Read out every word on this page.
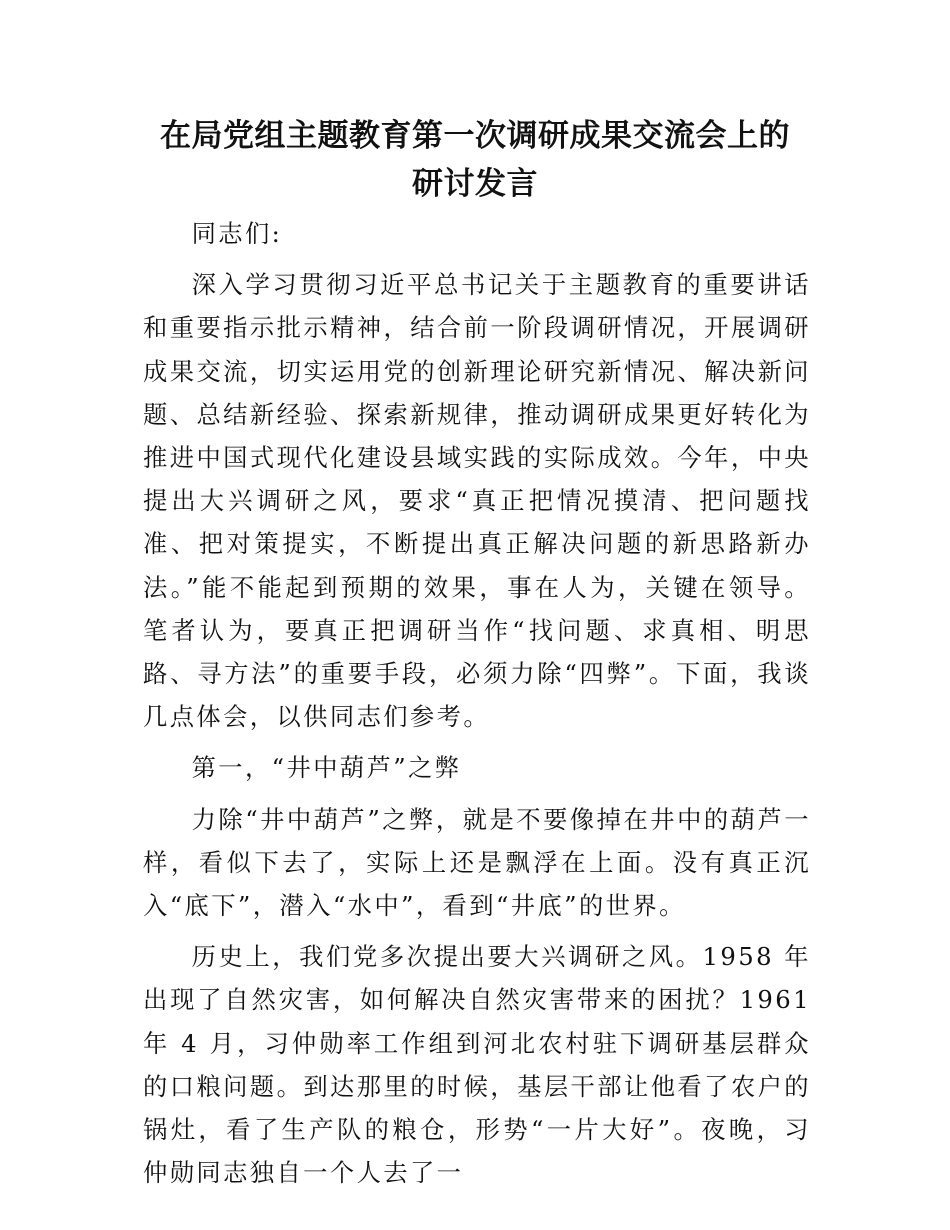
在局党组主题教育第一次调研成果交流会上的
研讨发言

同志们:

深入学习贯彻习近平总书记关于主题教育的重要讲话和重要指示批示精神，结合前一阶段调研情况，开展调研成果交流，切实运用党的创新理论研究新情况、解决新问题、总结新经验、探索新规律，推动调研成果更好转化为推进中国式现代化建设县域实践的实际成效。今年，中央提出大兴调研之风，要求“真正把情况摸清、把问题找准、把对策提实，不断提出真正解决问题的新思路新办法。”能不能起到预期的效果，事在人为，关键在领导。笔者认为，要真正把调研当作“找问题、求真相、明思路、寻方法”的重要手段，必须力除“四弊”。下面，我谈几点体会，以供同志们参考。

第一，“井中葫芦”之弊

力除“井中葫芦”之弊，就是不要像掉在井中的葫芦一样，看似下去了，实际上还是飘浮在上面。没有真正沉入“底下”，潜入“水中”，看到“井底”的世界。

历史上，我们党多次提出要大兴调研之风。1958 年出现了自然灾害，如何解决自然灾害带来的困扰？1961 年 4 月，习仲勋率工作组到河北农村驻下调研基层群众的口粮问题。到达那里的时候，基层干部让他看了农户的锅灶，看了生产队的粮仓，形势“一片大好”。夜晚，习仲勋同志独自一个人去了一
